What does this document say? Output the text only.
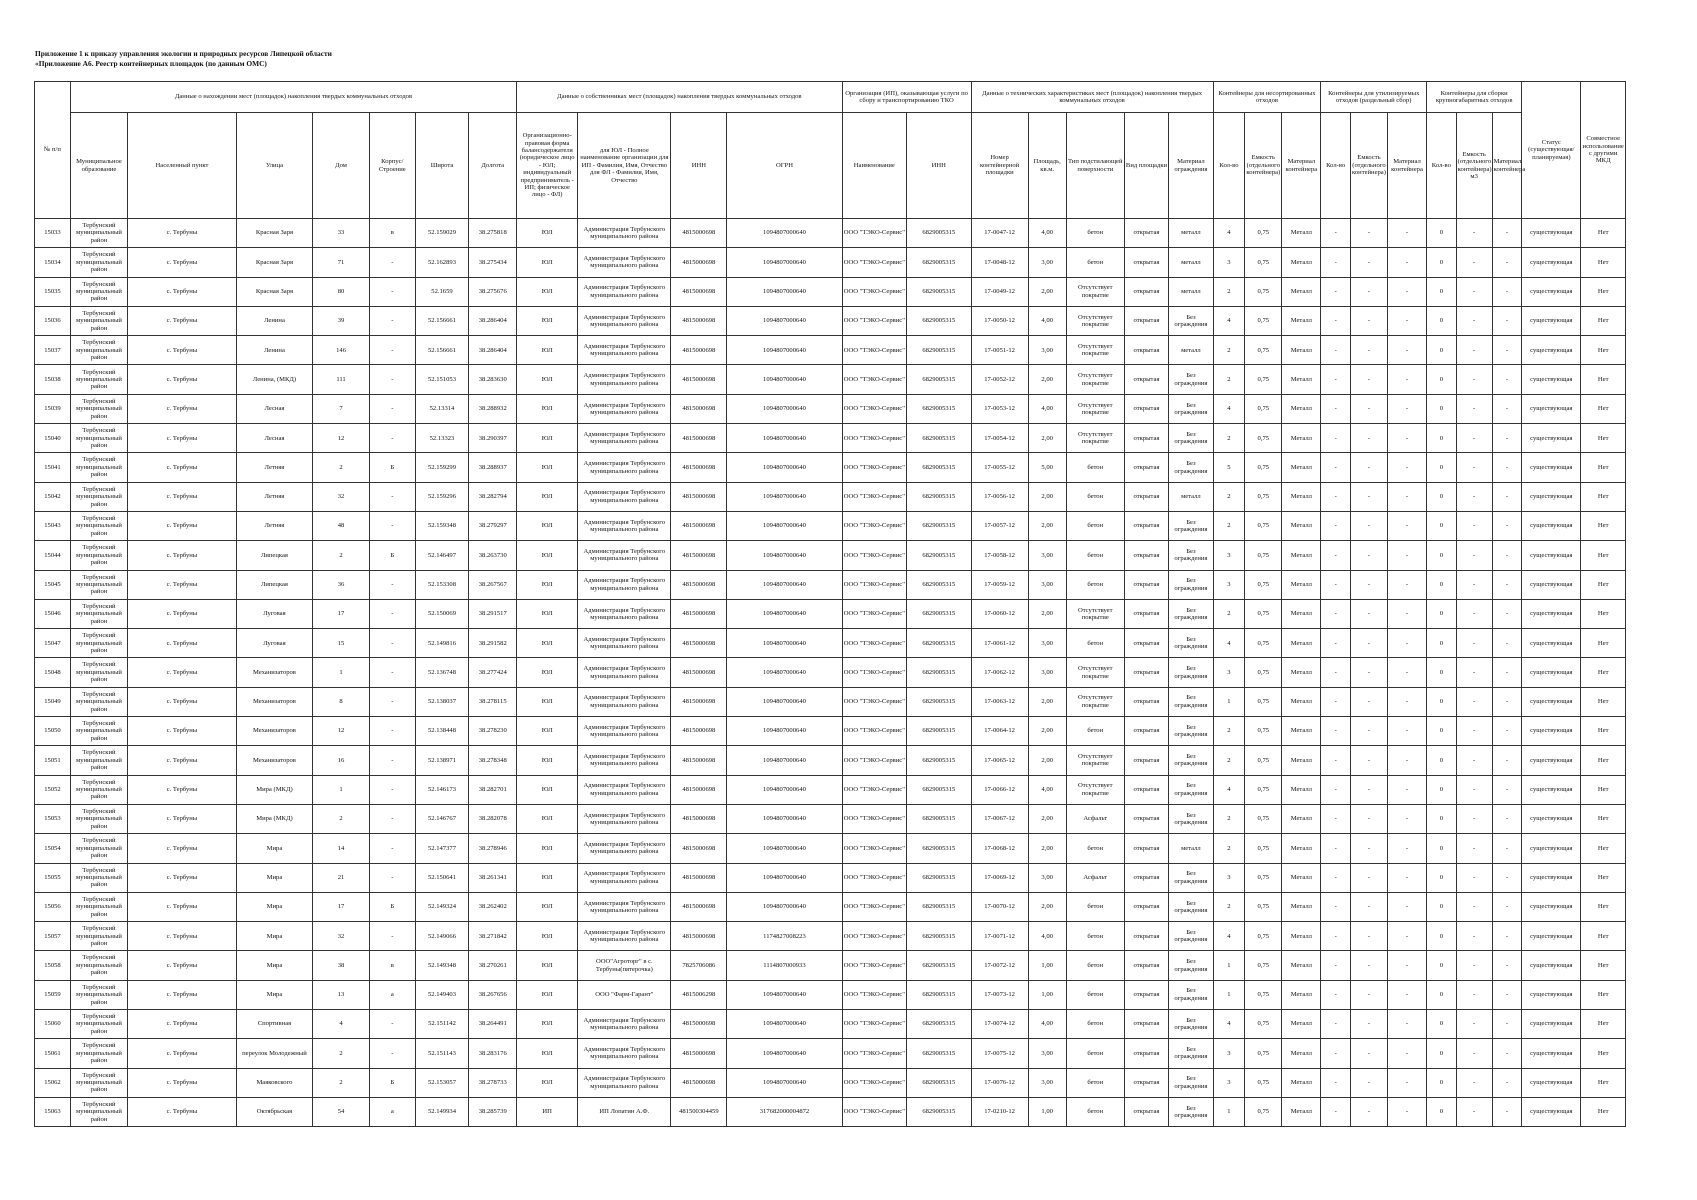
Приложение 1 к приказу управления экологии и природных ресурсов Липецкой области
«Приложение А6. Реестр контейнерных площадок (по данным ОМС)
№ п/п	Данные о нахождении мест (площадок) накопления твердых коммунальных отходов							Данные о собственниках мест (площадок) накопления твердых коммунальных отходов				Организация (ИП), оказывающая услуги по сбору и транспортированию ТКО		Данные о технических характеристиках мест (площадок) накопления твердых коммунальных отходов					Контейнеры для несортированных отходов			Контейнеры для утилизируемых отходов (раздельный сбор)			Контейнеры для сборки крупногабаритных отходов			Статус (существующая/ планируемая)	Совместное использование с другими МКД
	Муниципальное образование	Населенный пункт	Улица	Дом	Корпус/Строение	Широта	Долгота	Организационно-правовая форма балансодержателя (юридическое лицо - ЮЛ; индивидуальный предприниматель - ИП; физическое лицо - ФЛ)	для ЮЛ - Полное наименование организации для ИП - Фамилия, Имя, Отчество для ФЛ - Фамилия, Имя, Отчество	ИНН	ОГРН	Наименование	ИНН	Номер контейнерной площадки	Площадь, кв.м.	Тип подстилающей поверхности	Вид площадки	Материал ограждения	Кол-во	Емкость (отдельного контейнера)	Материал контейнера	Кол-во	Емкость (отдельного контейнера)	Материал контейнера	Кол-во	Емкость (отдельного контейнера) м3	Материал контейнера		
15033	Тербунский муниципальный район	с. Тербуны	Красная Заря	33	в	52.159029	38.275818	ЮЛ	Администрация Тербунского муниципального района	4815000698	1094807000640	ООО "ТЭКО-Сервис"	6829005315	17-0047-12	4,00	бетон	открытая	металл	4	0,75	Металл	-	-	-	0	-	-	существующая	Нет
15034	Тербунский муниципальный район	с. Тербуны	Красная Заря	71	-	52.162893	38.275434	ЮЛ	Администрация Тербунского муниципального района	4815000698	1094807000640	ООО "ТЭКО-Сервис"	6829005315	17-0048-12	3,00	бетон	открытая	металл	3	0,75	Металл	-	-	-	0	-	-	существующая	Нет
15035	Тербунский муниципальный район	с. Тербуны	Красная Заря	80	-	52.1659	38.275676	ЮЛ	Администрация Тербунского муниципального района	4815000698	1094807000640	ООО "ТЭКО-Сервис"	6829005315	17-0049-12	2,00	Отсутствует покрытие	открытая	металл	2	0,75	Металл	-	-	-	0	-	-	существующая	Нет
15036	Тербунский муниципальный район	с. Тербуны	Ленина	39	-	52.156661	38.286404	ЮЛ	Администрация Тербунского муниципального района	4815000698	1094807000640	ООО "ТЭКО-Сервис"	6829005315	17-0050-12	4,00	Отсутствует покрытие	открытая	Без ограждения	4	0,75	Металл	-	-	-	0	-	-	существующая	Нет
15037	Тербунский муниципальный район	с. Тербуны	Ленина	146	-	52.156661	38.286404	ЮЛ	Администрация Тербунского муниципального района	4815000698	1094807000640	ООО "ТЭКО-Сервис"	6829005315	17-0051-12	3,00	Отсутствует покрытие	открытая	металл	2	0,75	Металл	-	-	-	0	-	-	существующая	Нет
15038	Тербунский муниципальный район	с. Тербуны	Ленина, (МКД)	111	-	52.151053	38.283630	ЮЛ	Администрация Тербунского муниципального района	4815000698	1094807000640	ООО "ТЭКО-Сервис"	6829005315	17-0052-12	2,00	Отсутствует покрытие	открытая	Без ограждения	2	0,75	Металл	-	-	-	0	-	-	существующая	Нет
15039	Тербунский муниципальный район	с. Тербуны	Лесная	7	-	52.13314	38.288932	ЮЛ	Администрация Тербунского муниципального района	4815000698	1094807000640	ООО "ТЭКО-Сервис"	6829005315	17-0053-12	4,00	Отсутствует покрытие	открытая	Без ограждения	4	0,75	Металл	-	-	-	0	-	-	существующая	Нет
15040	Тербунский муниципальный район	с. Тербуны	Лесная	12	-	52.13323	38.290397	ЮЛ	Администрация Тербунского муниципального района	4815000698	1094807000640	ООО "ТЭКО-Сервис"	6829005315	17-0054-12	2,00	Отсутствует покрытие	открытая	Без ограждения	2	0,75	Металл	-	-	-	0	-	-	существующая	Нет
15041	Тербунский муниципальный район	с. Тербуны	Летняя	2	Б	52.159299	38.288937	ЮЛ	Администрация Тербунского муниципального района	4815000698	1094807000640	ООО "ТЭКО-Сервис"	6829005315	17-0055-12	5,00	бетон	открытая	Без ограждения	5	0,75	Металл	-	-	-	0	-	-	существующая	Нет
15042	Тербунский муниципальный район	с. Тербуны	Летняя	32	-	52.159296	38.282794	ЮЛ	Администрация Тербунского муниципального района	4815000698	1094807000640	ООО "ТЭКО-Сервис"	6829005315	17-0056-12	2,00	бетон	открытая	металл	2	0,75	Металл	-	-	-	0	-	-	существующая	Нет
15043	Тербунский муниципальный район	с. Тербуны	Летняя	48	-	52.159348	38.279297	ЮЛ	Администрация Тербунского муниципального района	4815000698	1094807000640	ООО "ТЭКО-Сервис"	6829005315	17-0057-12	2,00	бетон	открытая	Без ограждения	2	0,75	Металл	-	-	-	0	-	-	существующая	Нет
15044	Тербунский муниципальный район	с. Тербуны	Липецкая	2	Б	52.146497	38.263730	ЮЛ	Администрация Тербунского муниципального района	4815000698	1094807000640	ООО "ТЭКО-Сервис"	6829005315	17-0058-12	3,00	бетон	открытая	Без ограждения	3	0,75	Металл	-	-	-	0	-	-	существующая	Нет
15045	Тербунский муниципальный район	с. Тербуны	Липецкая	36	-	52.153308	38.267567	ЮЛ	Администрация Тербунского муниципального района	4815000698	1094807000640	ООО "ТЭКО-Сервис"	6829005315	17-0059-12	3,00	бетон	открытая	Без ограждения	3	0,75	Металл	-	-	-	0	-	-	существующая	Нет
15046	Тербунский муниципальный район	с. Тербуны	Луговая	17	-	52.150069	38.291517	ЮЛ	Администрация Тербунского муниципального района	4815000698	1094807000640	ООО "ТЭКО-Сервис"	6829005315	17-0060-12	2,00	Отсутствует покрытие	открытая	Без ограждения	2	0,75	Металл	-	-	-	0	-	-	существующая	Нет
15047	Тербунский муниципальный район	с. Тербуны	Луговая	15	-	52.149816	38.291582	ЮЛ	Администрация Тербунского муниципального района	4815000698	1094807000640	ООО "ТЭКО-Сервис"	6829005315	17-0061-12	3,00	бетон	открытая	Без ограждения	4	0,75	Металл	-	-	-	0	-	-	существующая	Нет
15048	Тербунский муниципальный район	с. Тербуны	Механизаторов	1	-	52.136748	38.277424	ЮЛ	Администрация Тербунского муниципального района	4815000698	1094807000640	ООО "ТЭКО-Сервис"	6829005315	17-0062-12	3,00	Отсутствует покрытие	открытая	Без ограждения	3	0,75	Металл	-	-	-	0	-	-	существующая	Нет
15049	Тербунский муниципальный район	с. Тербуны	Механизаторов	8	-	52.138037	38.278115	ЮЛ	Администрация Тербунского муниципального района	4815000698	1094807000640	ООО "ТЭКО-Сервис"	6829005315	17-0063-12	2,00	Отсутствует покрытие	открытая	Без ограждения	1	0,75	Металл	-	-	-	0	-	-	существующая	Нет
15050	Тербунский муниципальный район	с. Тербуны	Механизаторов	12	-	52.138448	38.278230	ЮЛ	Администрация Тербунского муниципального района	4815000698	1094807000640	ООО "ТЭКО-Сервис"	6829005315	17-0064-12	2,00	бетон	открытая	Без ограждения	2	0,75	Металл	-	-	-	0	-	-	существующая	Нет
15051	Тербунский муниципальный район	с. Тербуны	Механизаторов	16	-	52.138971	38.278348	ЮЛ	Администрация Тербунского муниципального района	4815000698	1094807000640	ООО "ТЭКО-Сервис"	6829005315	17-0065-12	2,00	Отсутствует покрытие	открытая	Без ограждения	2	0,75	Металл	-	-	-	0	-	-	существующая	Нет
15052	Тербунский муниципальный район	с. Тербуны	Мира (МКД)	1	-	52.146173	38.282701	ЮЛ	Администрация Тербунского муниципального района	4815000698	1094807000640	ООО "ТЭКО-Сервис"	6829005315	17-0066-12	4,00	Отсутствует покрытие	открытая	Без ограждения	4	0,75	Металл	-	-	-	0	-	-	существующая	Нет
15053	Тербунский муниципальный район	с. Тербуны	Мира (МКД)	2	-	52.146767	38.282078	ЮЛ	Администрация Тербунского муниципального района	4815000698	1094807000640	ООО "ТЭКО-Сервис"	6829005315	17-0067-12	2,00	Асфальт	открытая	Без ограждения	2	0,75	Металл	-	-	-	0	-	-	существующая	Нет
15054	Тербунский муниципальный район	с. Тербуны	Мира	14	-	52.147377	38.278946	ЮЛ	Администрация Тербунского муниципального района	4815000698	1094807000640	ООО "ТЭКО-Сервис"	6829005315	17-0068-12	2,00	бетон	открытая	металл	2	0,75	Металл	-	-	-	0	-	-	существующая	Нет
15055	Тербунский муниципальный район	с. Тербуны	Мира	21	-	52.150641	38.261341	ЮЛ	Администрация Тербунского муниципального района	4815000698	1094807000640	ООО "ТЭКО-Сервис"	6829005315	17-0069-12	3,00	Асфальт	открытая	Без ограждения	3	0,75	Металл	-	-	-	0	-	-	существующая	Нет
15056	Тербунский муниципальный район	с. Тербуны	Мира	17	Б	52.149324	38.262402	ЮЛ	Администрация Тербунского муниципального района	4815000698	1094807000640	ООО "ТЭКО-Сервис"	6829005315	17-0070-12	2,00	бетон	открытая	Без ограждения	2	0,75	Металл	-	-	-	0	-	-	существующая	Нет
15057	Тербунский муниципальный район	с. Тербуны	Мира	32	-	52.149066	38.271842	ЮЛ	Администрация Тербунского муниципального района	4815000698	1174827008223	ООО "ТЭКО-Сервис"	6829005315	17-0071-12	4,00	бетон	открытая	Без ограждения	4	0,75	Металл	-	-	-	0	-	-	существующая	Нет
15058	Тербунский муниципальный район	с. Тербуны	Мира	38	в	52.149348	38.270261	ЮЛ	ООО"Агроторг" в с. Тербуны(пятерочка)	7825706086	1114807000933	ООО "ТЭКО-Сервис"	6829005315	17-0072-12	1,00	бетон	открытая	Без ограждения	1	0,75	Металл	-	-	-	0	-	-	существующая	Нет
15059	Тербунский муниципальный район	с. Тербуны	Мира	13	а	52.149403	38.267656	ЮЛ	ООО "Фарм-Гарант"	4815006298	1094807000640	ООО "ТЭКО-Сервис"	6829005315	17-0073-12	1,00	бетон	открытая	Без ограждения	1	0,75	Металл	-	-	-	0	-	-	существующая	Нет
15060	Тербунский муниципальный район	с. Тербуны	Спортивная	4	-	52.151142	38.264491	ЮЛ	Администрация Тербунского муниципального района	4815000698	1094807000640	ООО "ТЭКО-Сервис"	6829005315	17-0074-12	4,00	бетон	открытая	Без ограждения	4	0,75	Металл	-	-	-	0	-	-	существующая	Нет
15061	Тербунский муниципальный район	с. Тербуны	переулок Молодежный	2	-	52.151143	38.283176	ЮЛ	Администрация Тербунского муниципального района	4815000698	1094807000640	ООО "ТЭКО-Сервис"	6829005315	17-0075-12	3,00	бетон	открытая	Без ограждения	3	0,75	Металл	-	-	-	0	-	-	существующая	Нет
15062	Тербунский муниципальный район	с. Тербуны	Маяковского	2	Б	52.153057	38.278733	ЮЛ	Администрация Тербунского муниципального района	4815000698	1094807000640	ООО "ТЭКО-Сервис"	6829005315	17-0076-12	3,00	бетон	открытая	Без ограждения	3	0,75	Металл	-	-	-	0	-	-	существующая	Нет
15063	Тербунский муниципальный район	с. Тербуны	Октябрьская	54	а	52.149934	38.285739	ИП	ИП Лопатин А.Ф.	481500304459	317682000004872	ООО "ТЭКО-Сервис"	6829005315	17-0210-12	1,00	бетон	открытая	Без ограждения	1	0,75	Металл	-	-	-	0	-	-	существующая	Нет
